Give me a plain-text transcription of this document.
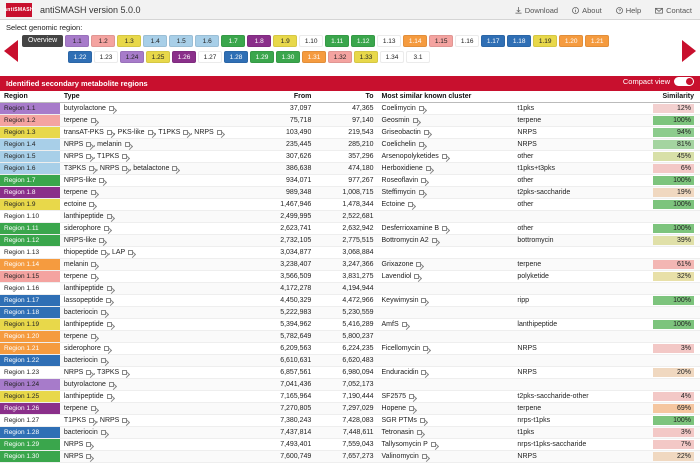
antiSMASH antiSMASH version 5.0.0	Download	About	Help	Contact
Select genomic region:
Overview	1.1	1.2	1.3	1.4	1.5	1.6	1.7	1.8	1.9	1.10	1.11	1.12	1.13	1.14	1.15	1.16	1.17	1.18	1.19	1.20	1.21
1.22	1.23	1.24	1.25	1.26	1.27	1.28	1.29	1.30	1.31	1.32	1.33	1.34	3.1
Identified secondary metabolite regions	Compact view
Region	Type	From	To	Most similar known cluster		Similarity

Region 1.1	butyrolactone	37,097	47,365	Coelimycin	t1pks	12%

Region 1.2	terpene	75,718	97,140	Geosmin	terpene	100%

Region 1.3	transAT-PKS , PKS-like , T1PKS , NRPS	103,490	219,543	Griseobactin	NRPS	94%

Region 1.4	NRPS , melanin	235,445	285,210	Coelichelin	NRPS	81%

Region 1.5	NRPS , T1PKS	307,626	357,296	Arsenopolyketides	other	45%

Region 1.6	T3PKS , NRPS , betalactone	386,638	474,180	Herboxidiene	t1pks+t3pks	6%

Region 1.7	NRPS-like	934,071	977,267	Roseoflavin	other	100%

Region 1.8	terpene	989,348	1,008,715	Steffimycin	t2pks-saccharide	19%

Region 1.9	ectoine	1,467,946	1,478,344	Ectoine	other	100%

Region 1.10	lanthipeptide	2,499,995	2,522,681			

Region 1.11	siderophore	2,623,741	2,632,942	Desferrioxamine B	other	100%

Region 1.12	NRPS-like	2,732,105	2,775,515	Bottromycin A2	bottromycin	39%

Region 1.13	thiopeptide , LAP	3,034,877	3,068,884			

Region 1.14	melanin	3,238,407	3,247,366	Grixazone	terpene	61%

Region 1.15	terpene	3,566,509	3,831,275	Lavendiol	polyketide	32%

Region 1.16	lanthipeptide	4,172,278	4,194,944			

Region 1.17	lassopeptide	4,450,329	4,472,966	Keywimysin	ripp	100%

Region 1.18	bacteriocin	5,222,983	5,230,559			

Region 1.19	lanthipeptide	5,394,962	5,416,289	AmfS	lanthipeptide	100%

Region 1.20	terpene	5,782,649	5,800,237			

Region 1.21	siderophore	6,209,563	6,224,235	Ficellomycin	NRPS	3%

Region 1.22	bacteriocin	6,610,631	6,620,483			

Region 1.23	NRPS , T3PKS	6,857,561	6,980,094	Enduracidin	NRPS	20%

Region 1.24	butyrolactone	7,041,436	7,052,173			

Region 1.25	lanthipeptide	7,165,964	7,190,444	SF2575	t2pks-saccharide-other	4%

Region 1.26	terpene	7,270,805	7,297,029	Hopene	terpene	69%

Region 1.27	T1PKS , NRPS	7,380,243	7,428,083	SGR PTMs	nrps-t1pks	100%

Region 1.28	bacteriocin	7,437,814	7,448,611	Tetronasin	t1pks	3%

Region 1.29	NRPS	7,493,401	7,559,043	Tallysomycin P	nrps-t1pks-saccharide	7%

Region 1.30	NRPS	7,600,749	7,657,273	Valinomycin	NRPS	22%
